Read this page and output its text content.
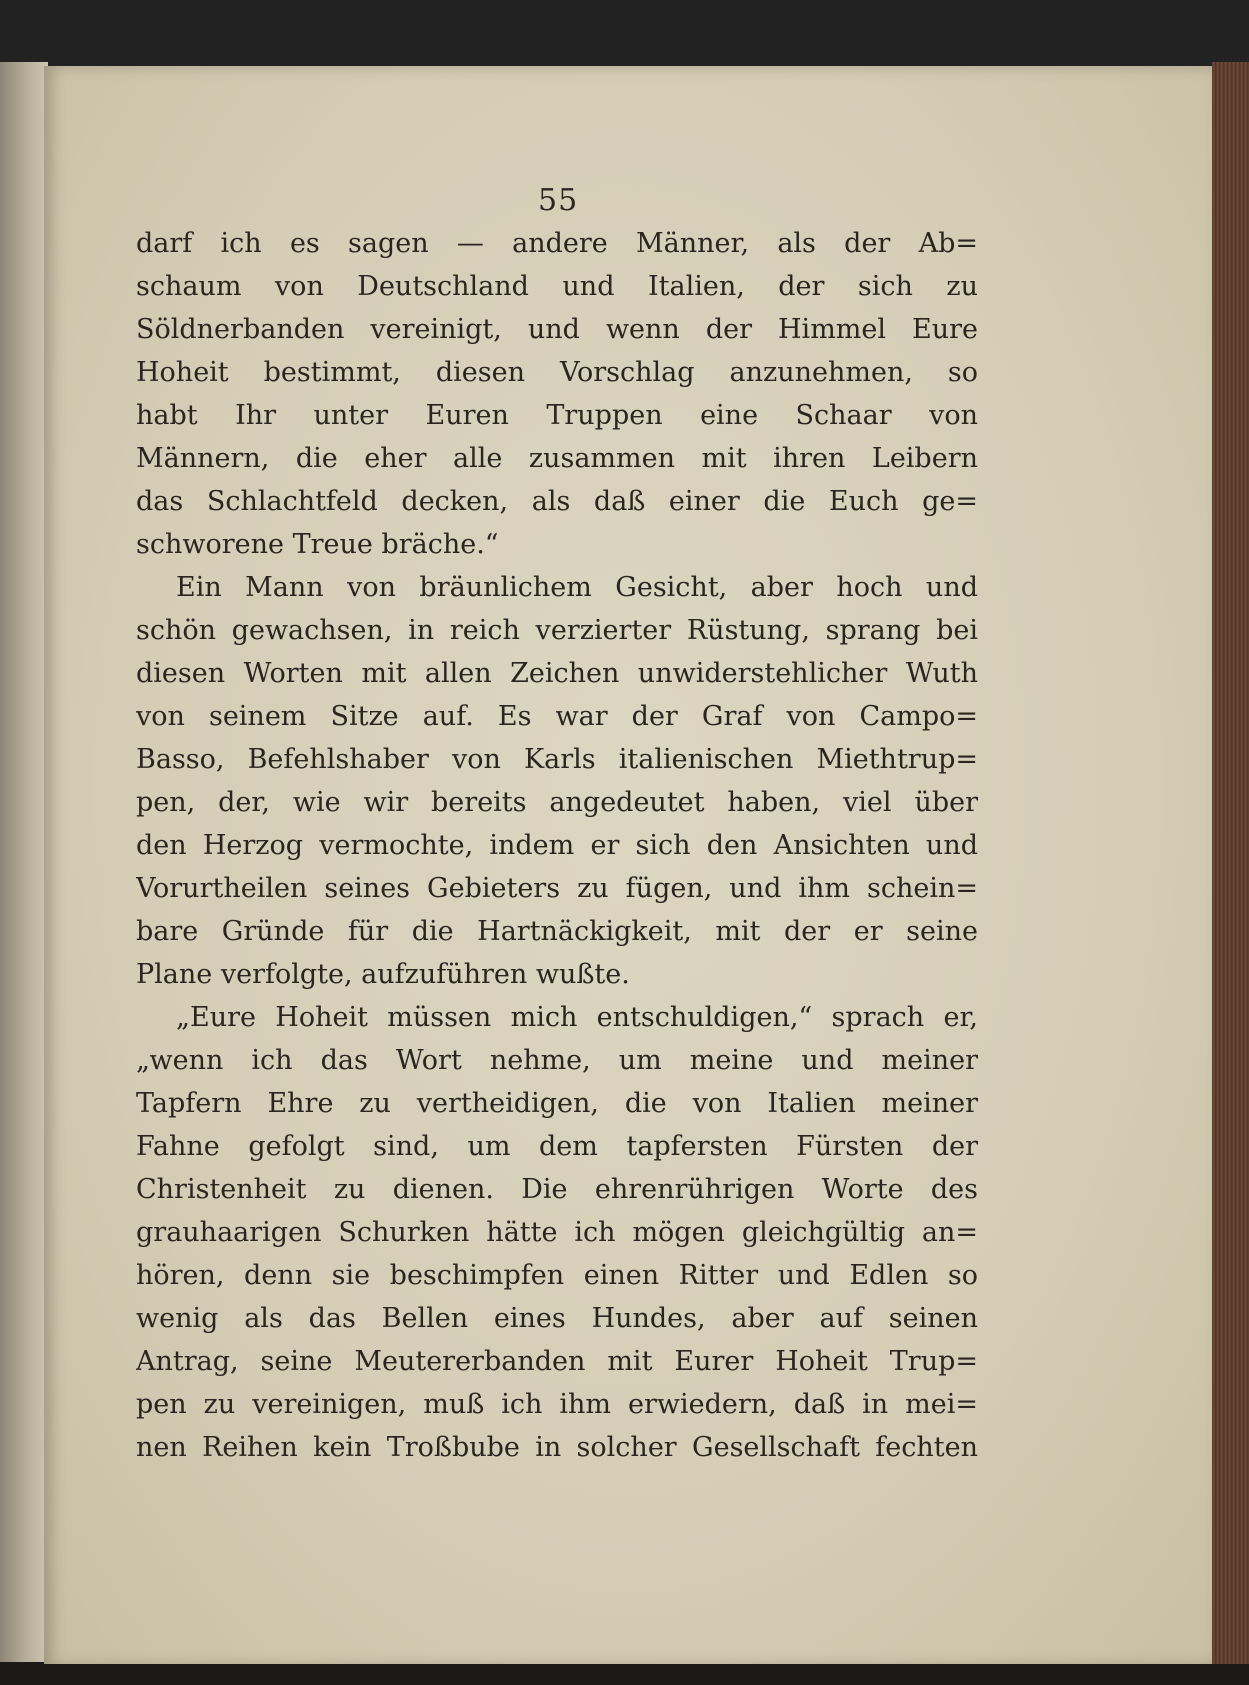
55
darf ich es sagen — andere Männer, als der Ab=
schaum von Deutschland und Italien, der sich zu
Söldnerbanden vereinigt, und wenn der Himmel Eure
Hoheit bestimmt, diesen Vorschlag anzunehmen, so
habt Ihr unter Euren Truppen eine Schaar von
Männern, die eher alle zusammen mit ihren Leibern
das Schlachtfeld decken, als daß einer die Euch ge=
schworene Treue bräche.“
Ein Mann von bräunlichem Gesicht, aber hoch und
schön gewachsen, in reich verzierter Rüstung, sprang bei
diesen Worten mit allen Zeichen unwiderstehlicher Wuth
von seinem Sitze auf. Es war der Graf von Campo=
Basso, Befehlshaber von Karls italienischen Miethtrup=
pen, der, wie wir bereits angedeutet haben, viel über
den Herzog vermochte, indem er sich den Ansichten und
Vorurtheilen seines Gebieters zu fügen, und ihm schein=
bare Gründe für die Hartnäckigkeit, mit der er seine
Plane verfolgte, aufzuführen wußte.
„Eure Hoheit müssen mich entschuldigen,“ sprach er,
„wenn ich das Wort nehme, um meine und meiner
Tapfern Ehre zu vertheidigen, die von Italien meiner
Fahne gefolgt sind, um dem tapfersten Fürsten der
Christenheit zu dienen. Die ehrenrührigen Worte des
grauhaarigen Schurken hätte ich mögen gleichgültig an=
hören, denn sie beschimpfen einen Ritter und Edlen so
wenig als das Bellen eines Hundes, aber auf seinen
Antrag, seine Meutererbanden mit Eurer Hoheit Trup=
pen zu vereinigen, muß ich ihm erwiedern, daß in mei=
nen Reihen kein Troßbube in solcher Gesellschaft fechten
